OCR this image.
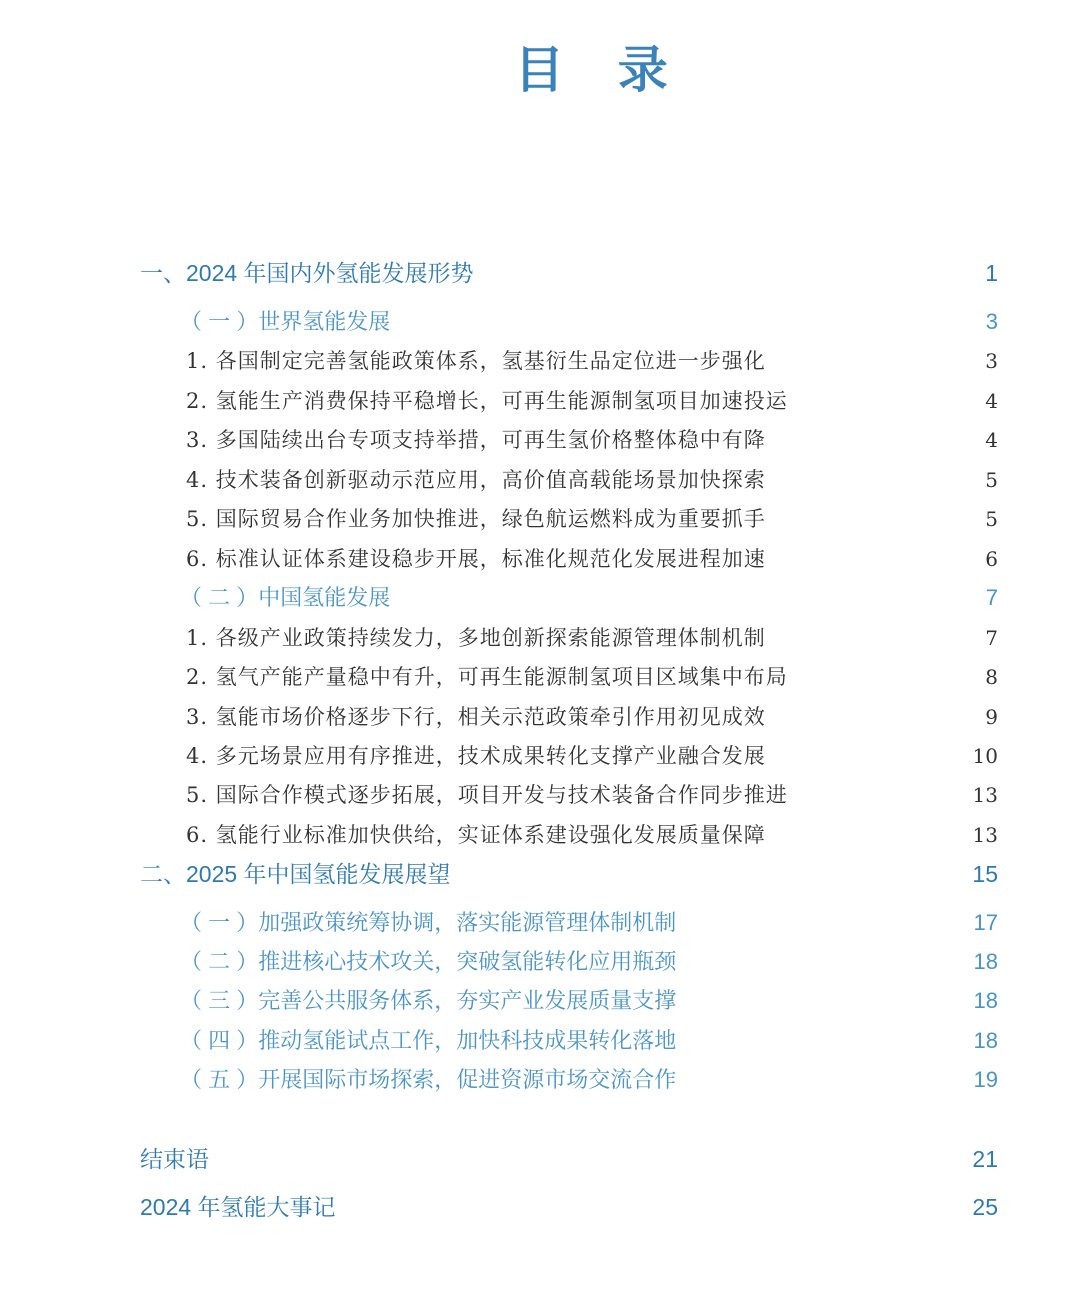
目 录
一、2024 年国内外氢能发展形势	1
（ 一 ）世界氢能发展	3
1. 各国制定完善氢能政策体系，氢基衍生品定位进一步强化	3
2. 氢能生产消费保持平稳增长，可再生能源制氢项目加速投运	4
3. 多国陆续出台专项支持举措，可再生氢价格整体稳中有降	4
4. 技术装备创新驱动示范应用，高价值高载能场景加快探索	5
5. 国际贸易合作业务加快推进，绿色航运燃料成为重要抓手	5
6. 标准认证体系建设稳步开展，标准化规范化发展进程加速	6
（ 二 ）中国氢能发展	7
1. 各级产业政策持续发力，多地创新探索能源管理体制机制	7
2. 氢气产能产量稳中有升，可再生能源制氢项目区域集中布局	8
3. 氢能市场价格逐步下行，相关示范政策牵引作用初见成效	9
4. 多元场景应用有序推进，技术成果转化支撑产业融合发展	10
5. 国际合作模式逐步拓展，项目开发与技术装备合作同步推进	13
6. 氢能行业标准加快供给，实证体系建设强化发展质量保障	13
二、2025 年中国氢能发展展望	15
（ 一 ）加强政策统筹协调，落实能源管理体制机制	17
（ 二 ）推进核心技术攻关，突破氢能转化应用瓶颈	18
（ 三 ）完善公共服务体系，夯实产业发展质量支撑	18
（ 四 ）推动氢能试点工作，加快科技成果转化落地	18
（ 五 ）开展国际市场探索，促进资源市场交流合作	19
结束语	21
2024 年氢能大事记	25
